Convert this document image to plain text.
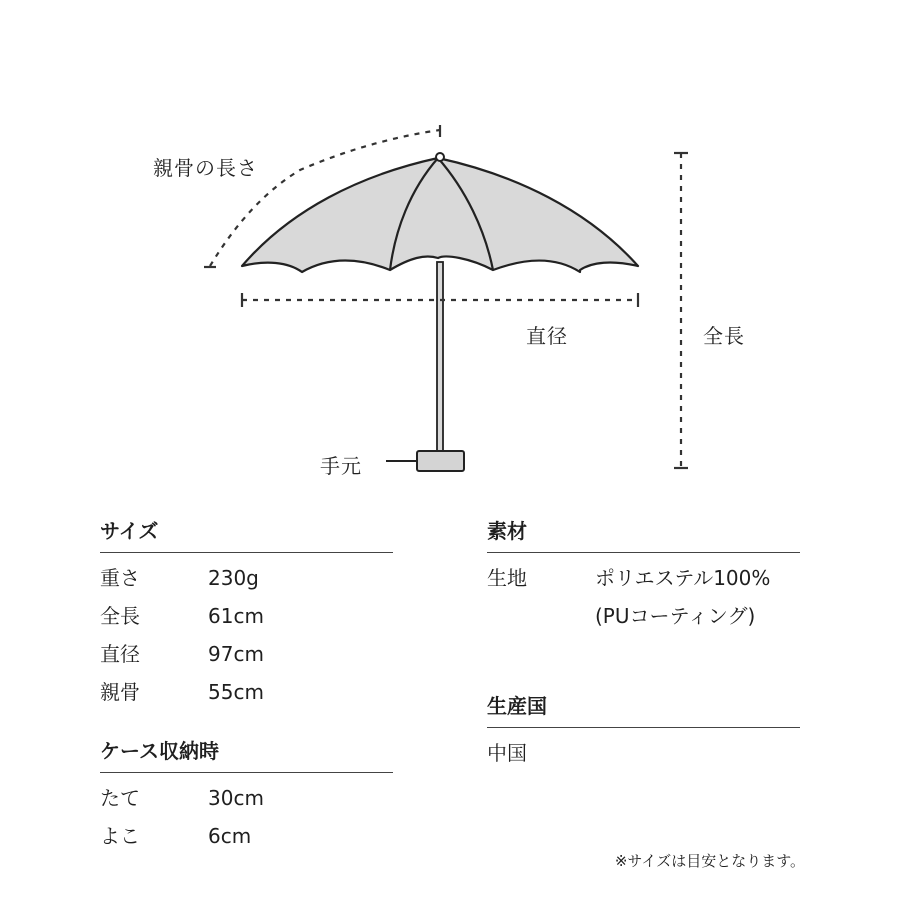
親骨の長さ
直径	全長
手元
サイズ
重さ	230g
全長	61cm
直径	97cm
親骨	55cm
ケース収納時
たて	30cm
よこ	6cm
素材
生地	ポリエステル100%
(PUコーティング)
生産国
中国
※サイズは目安となります。
